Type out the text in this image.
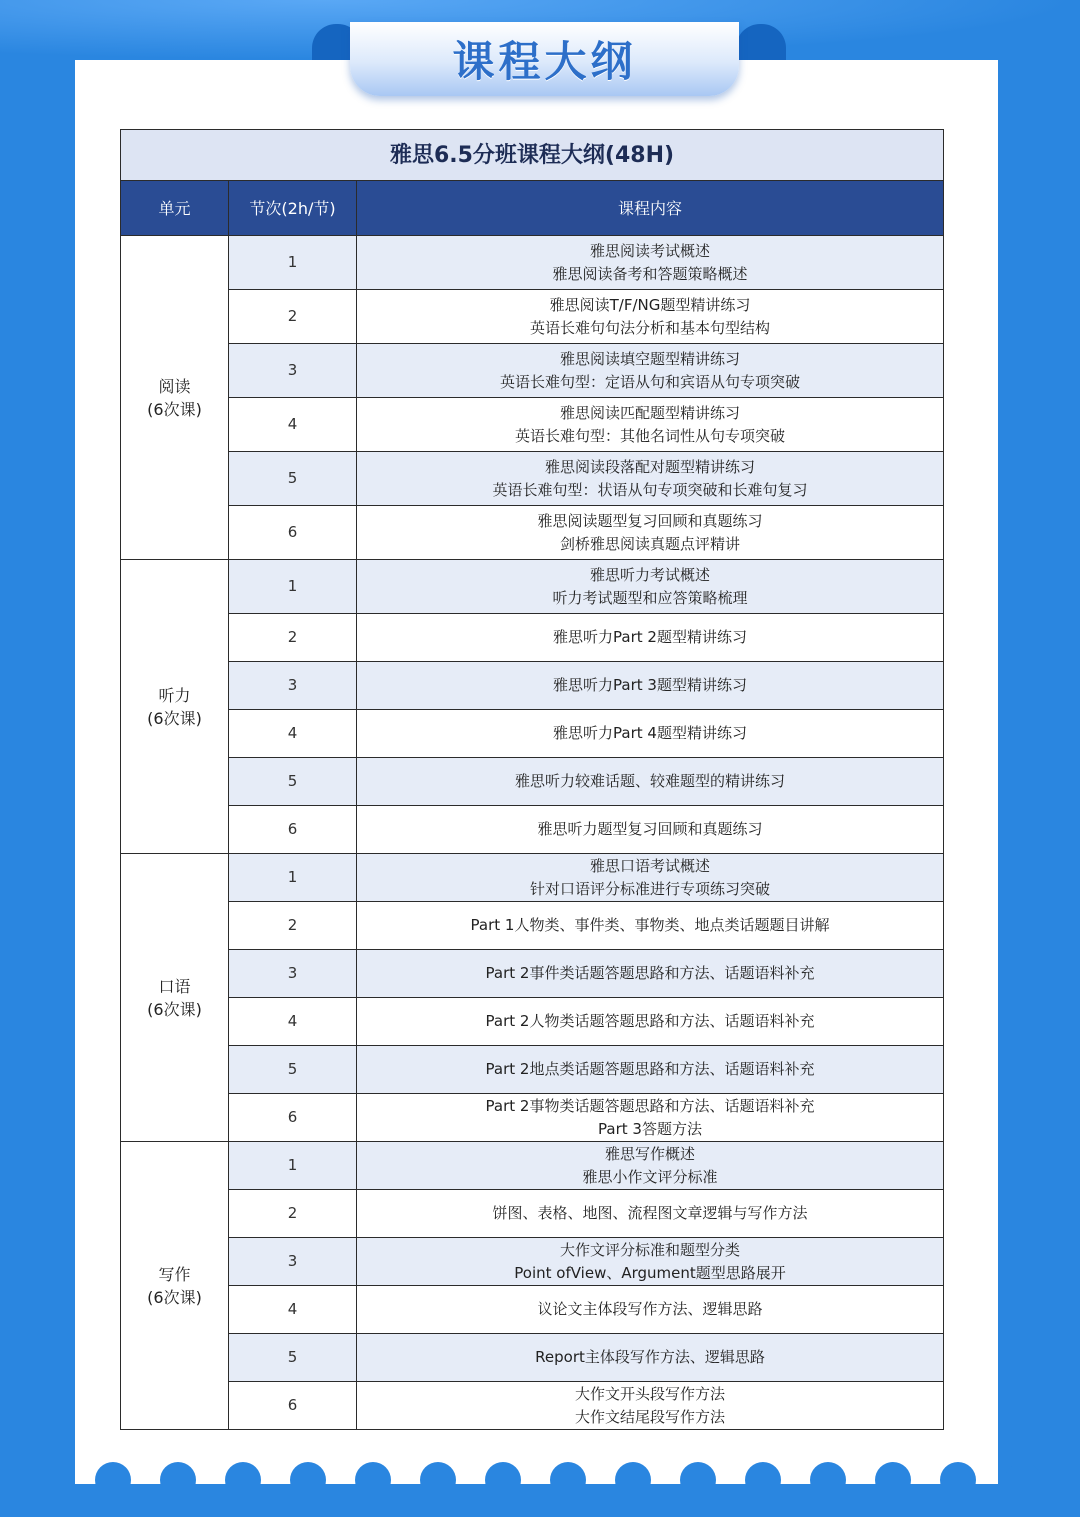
课程大纲
雅思6.5分班课程大纲(48H)		
单元	节次(2h/节)	课程内容

阅读
(6次课)	1	雅思阅读考试概述
雅思阅读备考和答题策略概述

	2	雅思阅读T/F/NG题型精讲练习
英语长难句句法分析和基本句型结构

	3	雅思阅读填空题型精讲练习
英语长难句型：定语从句和宾语从句专项突破

	4	雅思阅读匹配题型精讲练习
英语长难句型：其他名词性从句专项突破

	5	雅思阅读段落配对题型精讲练习
英语长难句型：状语从句专项突破和长难句复习

	6	雅思阅读题型复习回顾和真题练习
剑桥雅思阅读真题点评精讲

听力
(6次课)	1	雅思听力考试概述
听力考试题型和应答策略梳理

	2	雅思听力Part 2题型精讲练习

	3	雅思听力Part 3题型精讲练习

	4	雅思听力Part 4题型精讲练习

	5	雅思听力较难话题、较难题型的精讲练习

	6	雅思听力题型复习回顾和真题练习

口语
(6次课)	1	雅思口语考试概述
针对口语评分标准进行专项练习突破

	2	Part 1人物类、事件类、事物类、地点类话题题目讲解

	3	Part 2事件类话题答题思路和方法、话题语料补充

	4	Part 2人物类话题答题思路和方法、话题语料补充

	5	Part 2地点类话题答题思路和方法、话题语料补充

	6	Part 2事物类话题答题思路和方法、话题语料补充
Part 3答题方法

写作
(6次课)	1	雅思写作概述
雅思小作文评分标准

	2	饼图、表格、地图、流程图文章逻辑与写作方法

	3	大作文评分标准和题型分类
Point ofView、Argument题型思路展开

	4	议论文主体段写作方法、逻辑思路

	5	Report主体段写作方法、逻辑思路

	6	大作文开头段写作方法
大作文结尾段写作方法
